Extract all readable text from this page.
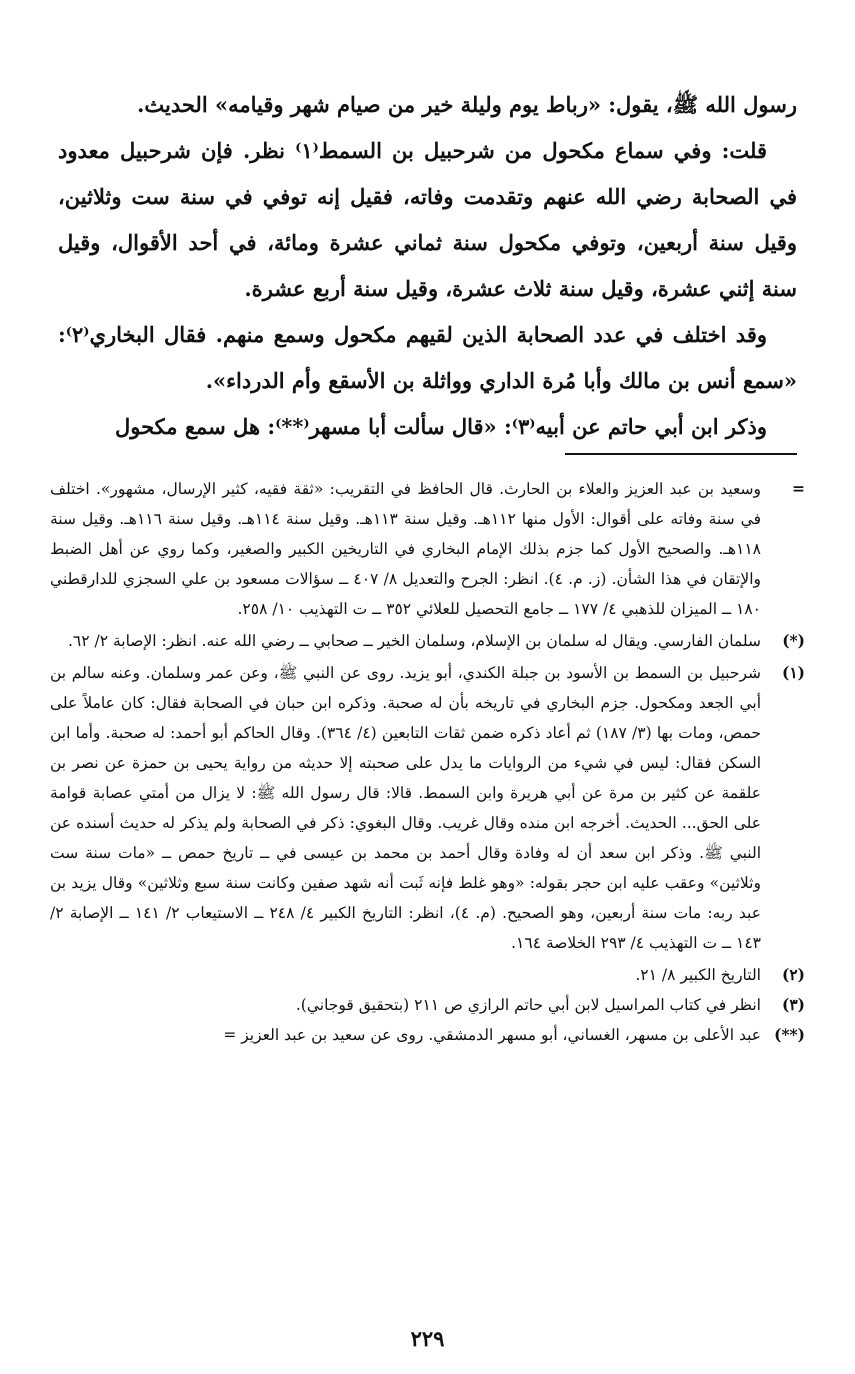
رسول الله ﷺ، يقول: «رباط يوم وليلة خير من صيام شهر وقيامه» الحديث.

قلت: وفي سماع مكحول من شرحبيل بن السمط⁽١⁾ نظر. فإن شرحبيل معدود في الصحابة رضي الله عنهم وتقدمت وفاته، فقيل إنه توفي في سنة ست وثلاثين، وقيل سنة أربعين، وتوفي مكحول سنة ثماني عشرة ومائة، في أحد الأقوال، وقيل سنة إثني عشرة، وقيل سنة ثلاث عشرة، وقيل سنة أربع عشرة.

وقد اختلف في عدد الصحابة الذين لقيهم مكحول وسمع منهم. فقال البخاري⁽٢⁾: «سمع أنس بن مالك وأبا مُرة الداري وواثلة بن الأسقع وأم الدرداء».

وذكر ابن أبي حاتم عن أبيه⁽٣⁾: «قال سألت أبا مسهر⁽**⁾: هل سمع مكحول

=
وسعيد بن عبد العزيز والعلاء بن الحارث. قال الحافظ في التقريب: «ثقة فقيه، كثير الإرسال، مشهور». اختلف في سنة وفاته على أقوال: الأول منها ١١٢هـ. وقيل سنة ١١٣هـ. وقيل سنة ١١٤هـ. وقيل سنة ١١٦هـ. وقيل سنة ١١٨هـ. والصحيح الأول كما جزم بذلك الإمام البخاري في التاريخين الكبير والصغير، وكما روي عن أهل الضبط والإتقان في هذا الشأن. (ز. م. ٤). انظر: الجرح والتعديل ٨/ ٤٠٧ ــ سؤالات مسعود بن علي السجزي للدارقطني ١٨٠ ــ الميزان للذهبي ٤/ ١٧٧ ــ جامع التحصيل للعلائي ٣٥٢ ــ ت التهذيب ١٠/ ٢٥٨.
(*)
سلمان الفارسي. ويقال له سلمان بن الإسلام، وسلمان الخير ــ صحابي ــ رضي الله عنه. انظر: الإصابة ٢/ ٦٢.
(١)
شرحبيل بن السمط بن الأسود بن جبلة الكندي، أبو يزيد. روى عن النبي ﷺ، وعن عمر وسلمان. وعنه سالم بن أبي الجعد ومكحول. جزم البخاري في تاريخه بأن له صحبة. وذكره ابن حبان في الصحابة فقال: كان عاملاً على حمص، ومات بها (٣/ ١٨٧) ثم أعاد ذكره ضمن ثقات التابعين (٤/ ٣٦٤). وقال الحاكم أبو أحمد: له صحبة. وأما ابن السكن فقال: ليس في شيء من الروايات ما يدل على صحبته إلا حديثه من رواية يحيى بن حمزة عن نصر بن علقمة عن كثير بن مرة عن أبي هريرة وابن السمط. قالا: قال رسول الله ﷺ: لا يزال من أمتي عصابة قوامة على الحق... الحديث. أخرجه ابن منده وقال غريب. وقال البغوي: ذكر في الصحابة ولم يذكر له حديث أسنده عن النبي ﷺ. وذكر ابن سعد أن له وفادة وقال أحمد بن محمد بن عيسى في ــ تاريخ حمص ــ «مات سنة ست وثلاثين» وعقب عليه ابن حجر بقوله: «وهو غلط فإنه ثَبت أنه شهد صفين وكانت سنة سبع وثلاثين» وقال يزيد بن عبد ربه: مات سنة أربعين، وهو الصحيح. (م. ٤)، انظر: التاريخ الكبير ٤/ ٢٤٨ ــ الاستيعاب ٢/ ١٤١ ــ الإصابة ٢/ ١٤٣ ــ ت التهذيب ٤/ ٢٩٣ الخلاصة ١٦٤.
(٢)
التاريخ الكبير ٨/ ٢١.
(٣)
انظر في كتاب المراسيل لابن أبي حاتم الرازي ص ٢١١ (بتحقيق قوجاني).
(**)
عبد الأعلى بن مسهر، الغساني، أبو مسهر الدمشقي. روى عن سعيد بن عبد العزيز =
٢٢٩
